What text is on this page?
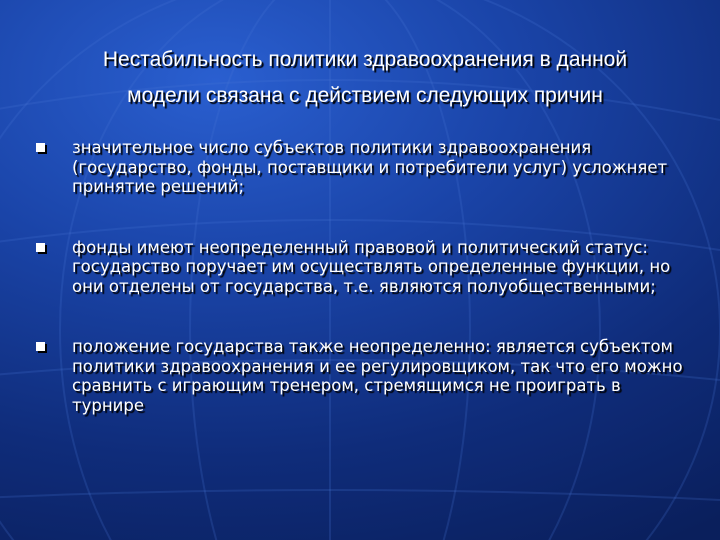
Нестабильность политики здравоохранения в данной
модели связана с действием следующих причин
значительное число субъектов политики здравоохранения (государство, фонды, поставщики и потребители услуг) усложняет принятие решений;
фонды имеют неопределенный правовой и политический статус: государство поручает им осуществлять определенные функции, но они отделены от государства, т.е. являются полуобщественными;
положение государства также неопределенно: является субъектом политики здравоохранения и ее регулировщиком, так что его можно сравнить с играющим тренером, стремящимся не проиграть в турнире
